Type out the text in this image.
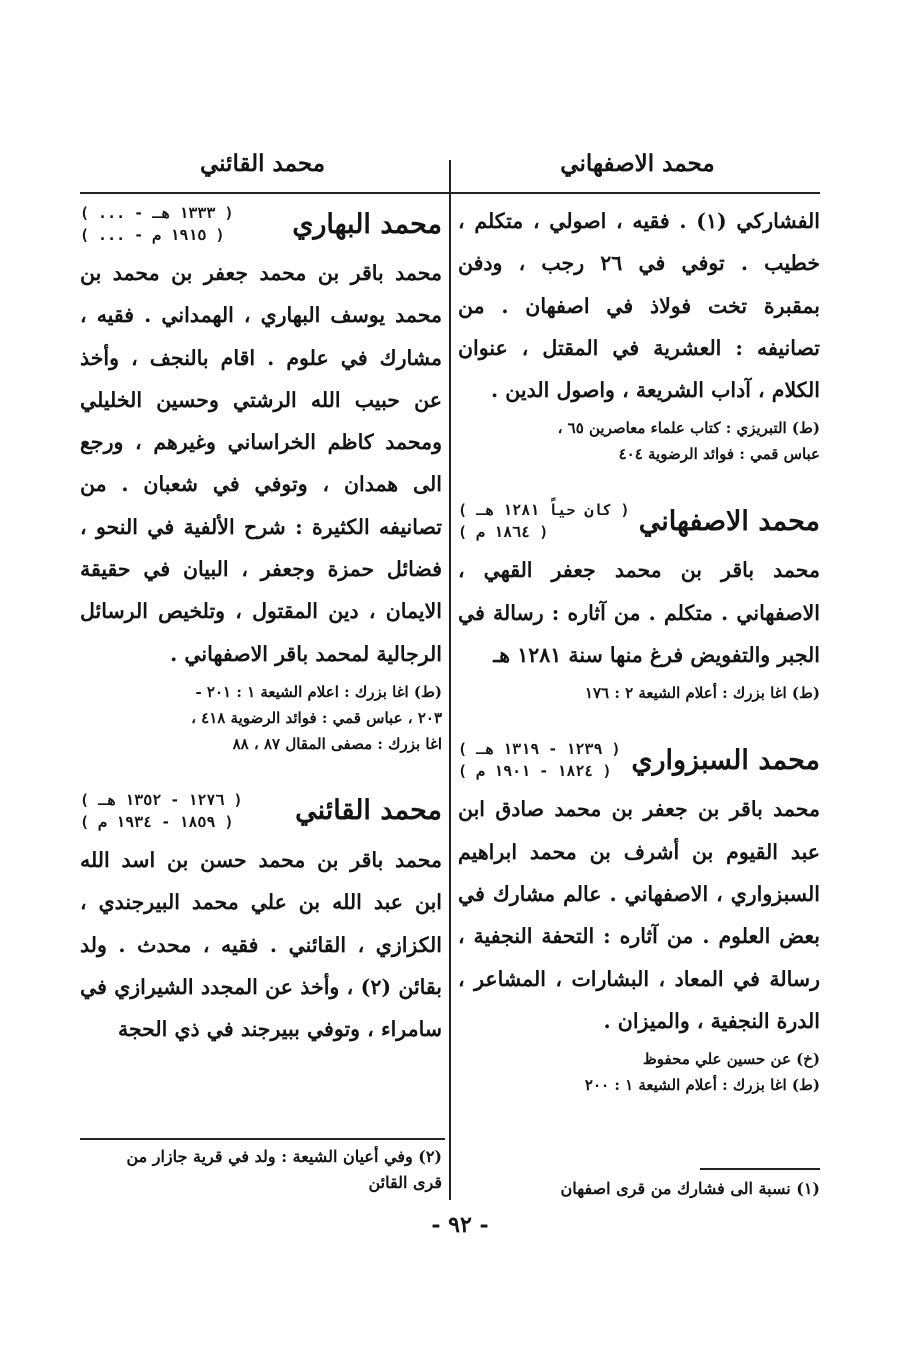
محمد الاصفهاني
محمد القائني
الفشاركي (١) . فقيه ، اصولي ، متكلم ، خطيب . توفي في ٢٦ رجب ، ودفن بمقبرة تخت فولاذ في اصفهان . من تصانيفه : العشرية في المقتل ، عنوان الكلام ، آداب الشريعة ، واصول الدين .
(ط) التبريزي : كتاب علماء معاصرين ٦٥ ،
عباس قمي : فوائد الرضوية ٤٠٤
محمد الاصفهاني
( كان حياً ١٢٨١ هـ )
( ١٨٦٤ م )
محمد باقر بن محمد جعفر القهي ، الاصفهاني . متكلم . من آثاره : رسالة في الجبر والتفويض فرغ منها سنة ١٢٨١ هـ
(ط) اغا بزرك : أعلام الشيعة ٢ : ١٧٦
محمد السبزواري
( ١٢٣٩ - ١٣١٩ هـ )
( ١٨٢٤ - ١٩٠١ م )
محمد باقر بن جعفر بن محمد صادق ابن عبد القيوم بن أشرف بن محمد ابراهيم السبزواري ، الاصفهاني . عالم مشارك في بعض العلوم . من آثاره : التحفة النجفية ، رسالة في المعاد ، البشارات ، المشاعر ، الدرة النجفية ، والميزان .
(خ) عن حسين علي محفوظ
(ط) اغا بزرك : أعلام الشيعة ١ : ٢٠٠
محمد البهاري
( ... - ١٣٣٣ هـ )
( ... - ١٩١٥ م )
محمد باقر بن محمد جعفر بن محمد بن محمد يوسف البهاري ، الهمداني . فقيه ، مشارك في علوم . اقام بالنجف ، وأخذ عن حبيب الله الرشتي وحسين الخليلي ومحمد كاظم الخراساني وغيرهم ، ورجع الى همدان ، وتوفي في شعبان . من تصانيفه الكثيرة : شرح الألفية في النحو ، فضائل حمزة وجعفر ، البيان في حقيقة الايمان ، دين المقتول ، وتلخيص الرسائل الرجالية لمحمد باقر الاصفهاني .
(ط) اغا بزرك : اعلام الشيعة ١ : ٢٠١ -
٢٠٣ ، عباس قمي : فوائد الرضوية ٤١٨ ،
اغا بزرك : مصفى المقال ٨٧ ، ٨٨
محمد القائني
( ١٢٧٦ - ١٣٥٢ هـ )
( ١٨٥٩ - ١٩٣٤ م )
محمد باقر بن محمد حسن بن اسد الله ابن عبد الله بن علي محمد البيرجندي ، الكزازي ، القائني . فقيه ، محدث . ولد بقائن (٢) ، وأخذ عن المجدد الشيرازي في سامراء ، وتوفي ببيرجند في ذي الحجة
(٢) وفي أعيان الشيعة : ولد في قرية جازار من
قرى القائن	(١) نسبة الى فشارك من قرى اصفهان
- ٩٢ -
